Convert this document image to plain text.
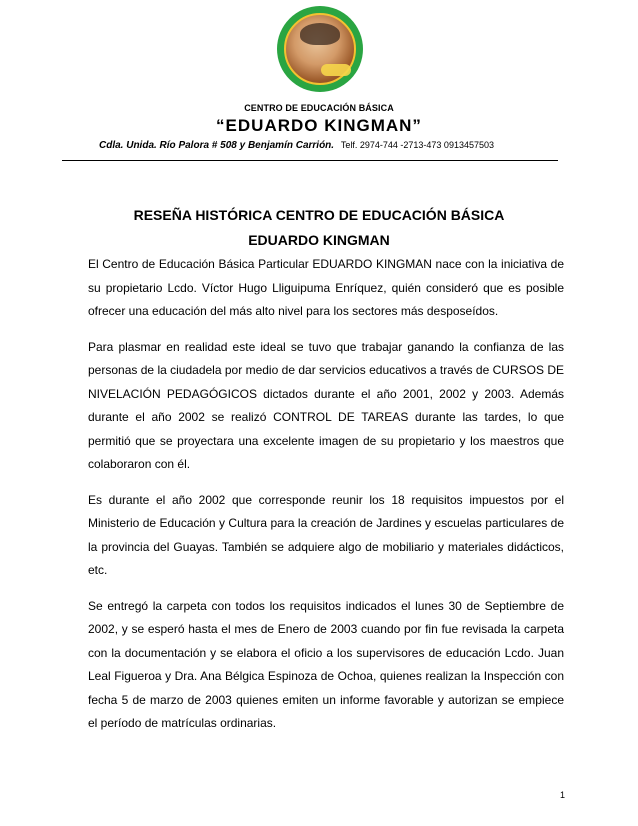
CENTRO DE EDUCACIÓN BÁSICA
“EDUARDO KINGMAN”
Cdla. Unida. Río Palora # 508 y Benjamín Carrión. Telf. 2974-744 -2713-473 0913457503
RESEÑA HISTÓRICA CENTRO DE EDUCACIÓN BÁSICA
EDUARDO KINGMAN

El Centro de Educación Básica Particular EDUARDO KINGMAN nace con la iniciativa de su propietario Lcdo. Víctor Hugo Lliguipuma Enríquez, quién consideró que es posible ofrecer una educación del más alto nivel para los sectores más desposeídos.

Para plasmar en realidad este ideal se tuvo que trabajar ganando la confianza de las personas de la ciudadela por medio de dar servicios educativos a través de CURSOS DE NIVELACIÓN PEDAGÓGICOS dictados durante el año 2001, 2002 y 2003. Además durante el año 2002 se realizó CONTROL DE TAREAS durante las tardes, lo que permitió que se proyectara una excelente imagen de su propietario y los maestros que colaboraron con él.

Es durante el año 2002 que corresponde reunir los 18 requisitos impuestos por el Ministerio de Educación y Cultura para la creación de Jardines y escuelas particulares de la provincia del Guayas. También se adquiere algo de mobiliario y materiales didácticos, etc.

Se entregó la carpeta con todos los requisitos indicados el lunes 30 de Septiembre de 2002, y se esperó hasta el mes de Enero de 2003 cuando por fin fue revisada la carpeta con la documentación y se elabora el oficio a los supervisores de educación Lcdo. Juan Leal Figueroa y Dra. Ana Bélgica Espinoza de Ochoa, quienes realizan la Inspección con fecha 5 de marzo de 2003 quienes emiten un informe favorable y autorizan se empiece el período de matrículas ordinarias.

1
